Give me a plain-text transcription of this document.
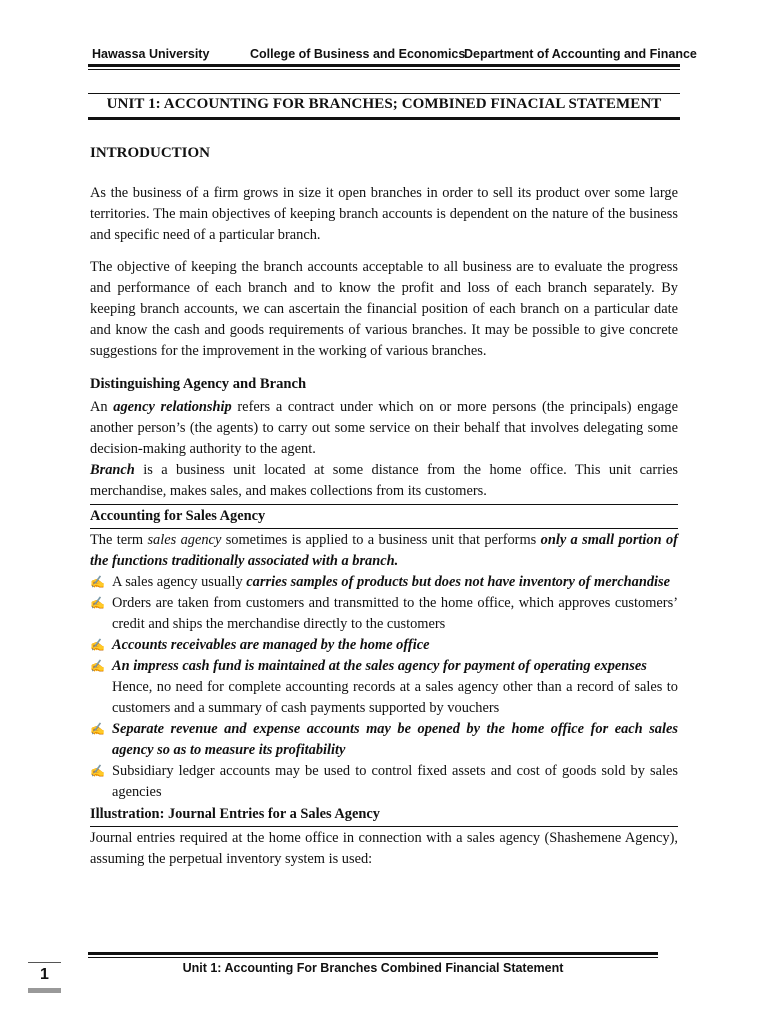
Hawassa University	College of Business and Economics
Department of Accounting and Finance
UNIT 1: ACCOUNTING FOR BRANCHES; COMBINED FINACIAL STATEMENT
INTRODUCTION

As the business of a firm grows in size it open branches in order to sell its product over some large territories. The main objectives of keeping branch accounts is dependent on the nature of the business and specific need of a particular branch.

The objective of keeping the branch accounts acceptable to all business are to evaluate the progress and performance of each branch and to know the profit and loss of each branch separately. By keeping branch accounts, we can ascertain the financial position of each branch on a particular date and know the cash and goods requirements of various branches. It may be possible to give concrete suggestions for the improvement in the working of various branches.

Distinguishing Agency and Branch

An agency relationship refers a contract under which on or more persons (the principals) engage another person’s (the agents) to carry out some service on their behalf that involves delegating some decision-making authority to the agent.

Branch is a business unit located at some distance from the home office. This unit carries merchandise, makes sales, and makes collections from its customers.

Accounting for Sales Agency

The term sales agency sometimes is applied to a business unit that performs only a small portion of the functions traditionally associated with a branch.

✍ A sales agency usually carries samples of products but does not have inventory of merchandise
✍ Orders are taken from customers and transmitted to the home office, which approves customers’ credit and ships the merchandise directly to the customers
✍ Accounts receivables are managed by the home office
✍ An impress cash fund is maintained at the sales agency for payment of operating expenses
Hence, no need for complete accounting records at a sales agency other than a record of sales to customers and a summary of cash payments supported by vouchers
✍ Separate revenue and expense accounts may be opened by the home office for each sales agency so as to measure its profitability
✍ Subsidiary ledger accounts may be used to control fixed assets and cost of goods sold by sales agencies
Illustration: Journal Entries for a Sales Agency

Journal entries required at the home office in connection with a sales agency (Shashemene Agency), assuming the perpetual inventory system is used:

Unit 1: Accounting For Branches Combined Financial Statement
1
